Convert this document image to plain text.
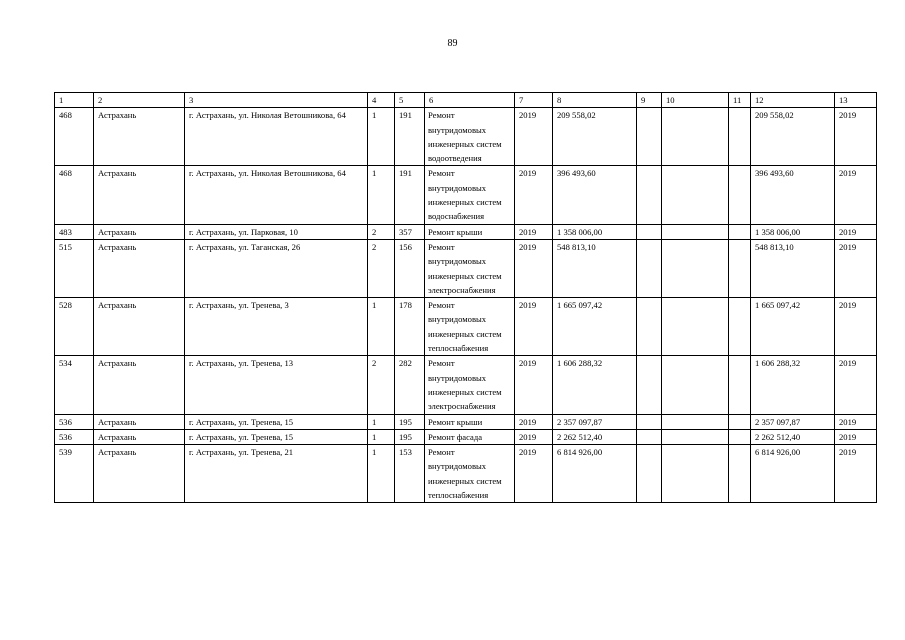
89
1	2	3	4	5	6	7	8	9	10	11	12	13
468	Астрахань	г. Астрахань, ул. Николая Ветошникова, 64	1	191	Ремонт внутридомовых инженерных систем водоотведения	2019	209 558,02				209 558,02	2019
468	Астрахань	г. Астрахань, ул. Николая Ветошникова, 64	1	191	Ремонт внутридомовых инженерных систем водоснабжения	2019	396 493,60				396 493,60	2019
483	Астрахань	г. Астрахань, ул. Парковая, 10	2	357	Ремонт крыши	2019	1 358 006,00				1 358 006,00	2019
515	Астрахань	г. Астрахань, ул. Таганская, 26	2	156	Ремонт внутридомовых инженерных систем электроснабжения	2019	548 813,10				548 813,10	2019
528	Астрахань	г. Астрахань, ул. Тренева, 3	1	178	Ремонт внутридомовых инженерных систем теплоснабжения	2019	1 665 097,42				1 665 097,42	2019
534	Астрахань	г. Астрахань, ул. Тренева, 13	2	282	Ремонт внутридомовых инженерных систем электроснабжения	2019	1 606 288,32				1 606 288,32	2019
536	Астрахань	г. Астрахань, ул. Тренева, 15	1	195	Ремонт крыши	2019	2 357 097,87				2 357 097,87	2019
536	Астрахань	г. Астрахань, ул. Тренева, 15	1	195	Ремонт фасада	2019	2 262 512,40				2 262 512,40	2019
539	Астрахань	г. Астрахань, ул. Тренева, 21	1	153	Ремонт внутридомовых инженерных систем теплоснабжения	2019	6 814 926,00				6 814 926,00	2019
